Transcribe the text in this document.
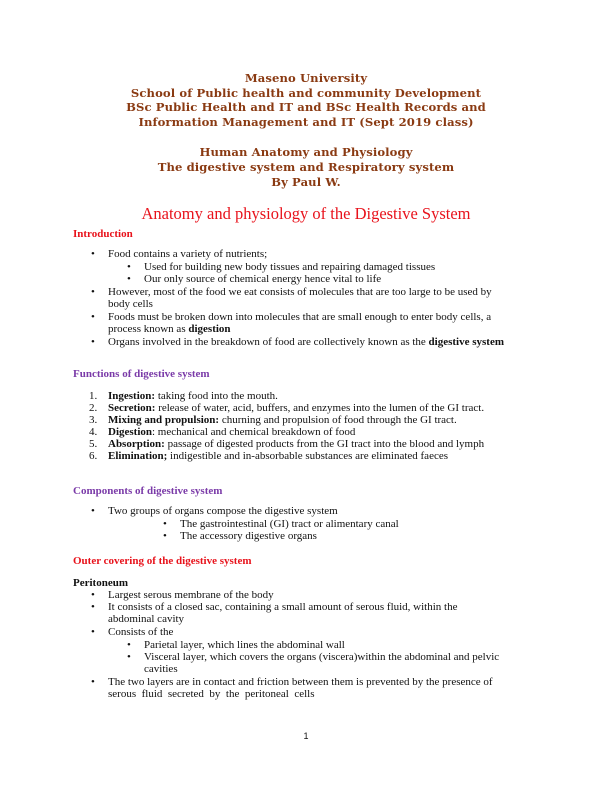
Maseno University
School of Public health and community Development
BSc Public Health and IT and BSc Health Records and
Information Management and IT (Sept 2019 class)
Human Anatomy and Physiology
The digestive system and Respiratory system
By Paul W.
Anatomy and physiology of the Digestive System
Introduction
• Food contains a variety of nutrients;
• Used for building new body tissues and repairing damaged tissues
• Our only source of chemical energy hence vital to life
• However, most of the food we eat consists of molecules that are too large to be used by
body cells
• Foods must be broken down into molecules that are small enough to enter body cells, a
process known as digestion
• Organs involved in the breakdown of food are collectively known as the digestive system
Functions of digestive system
1. Ingestion: taking food into the mouth.
2. Secretion: release of water, acid, buffers, and enzymes into the lumen of the GI tract.
3. Mixing and propulsion: churning and propulsion of food through the GI tract.
4. Digestion: mechanical and chemical breakdown of food
5. Absorption: passage of digested products from the GI tract into the blood and lymph
6. Elimination; indigestible and in-absorbable substances are eliminated faeces
Components of digestive system
• Two groups of organs compose the digestive system
• The gastrointestinal (GI) tract or alimentary canal
• The accessory digestive organs
Outer covering of the digestive system
Peritoneum
• Largest serous membrane of the body
• It consists of a closed sac, containing a small amount of serous fluid, within the
abdominal cavity
• Consists of the
• Parietal layer, which lines the abdominal wall
• Visceral layer, which covers the organs (viscera)within the abdominal and pelvic
cavities
• The two layers are in contact and friction between them is prevented by the presence of
serous  fluid  secreted  by  the  peritoneal  cells
1
